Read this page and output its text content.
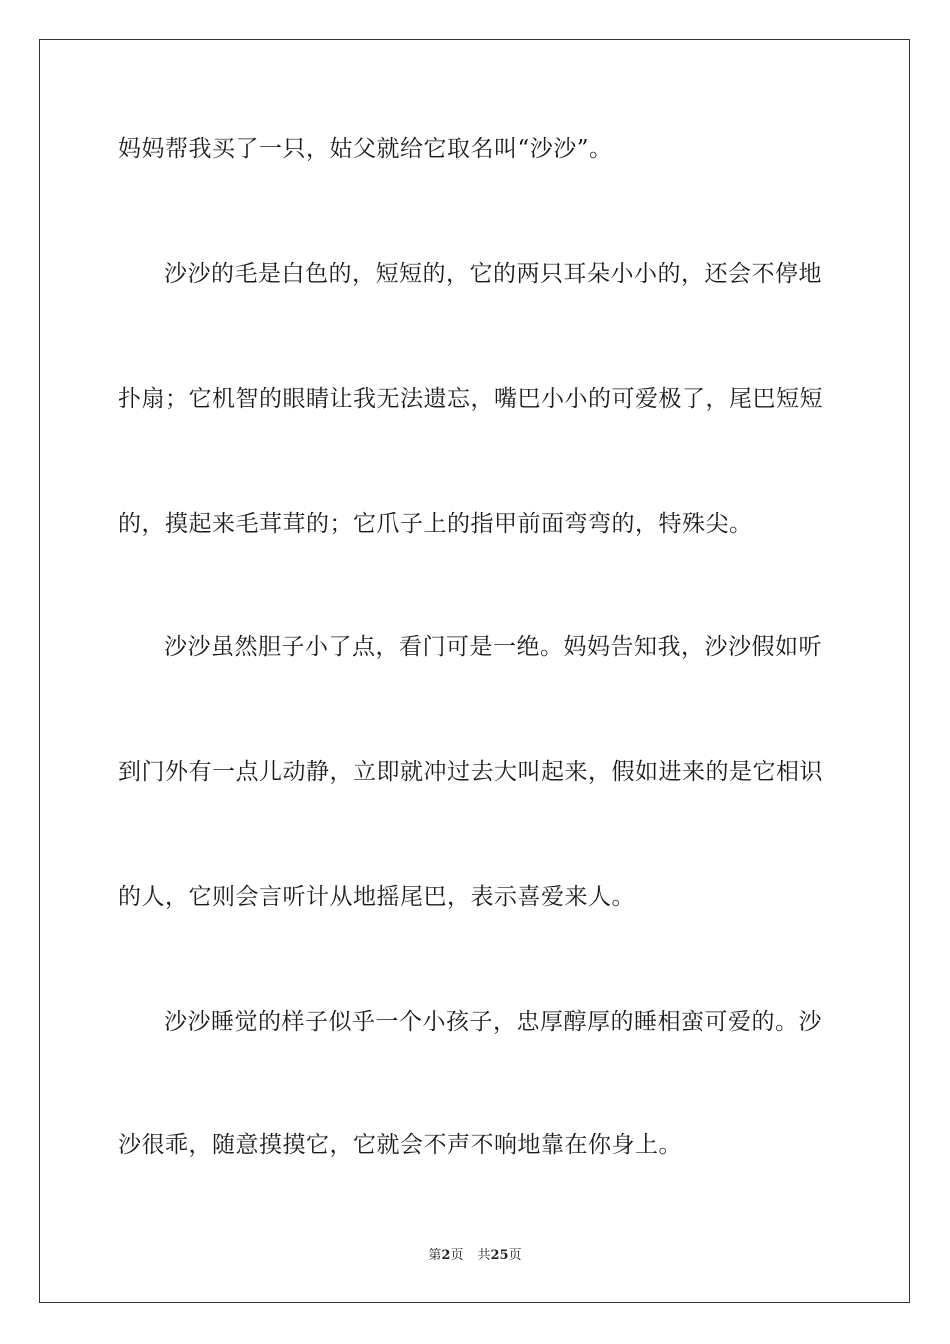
妈妈帮我买了一只，姑父就给它取名叫“沙沙”。
沙沙的毛是白色的，短短的，它的两只耳朵小小的，还会不停地
扑扇；它机智的眼睛让我无法遗忘，嘴巴小小的可爱极了，尾巴短短
的，摸起来毛茸茸的；它爪子上的指甲前面弯弯的，特殊尖。
沙沙虽然胆子小了点，看门可是一绝。妈妈告知我，沙沙假如听
到门外有一点儿动静，立即就冲过去大叫起来，假如进来的是它相识
的人，它则会言听计从地摇尾巴，表示喜爱来人。
沙沙睡觉的样子似乎一个小孩子，忠厚醇厚的睡相蛮可爱的。沙
沙很乖，随意摸摸它，它就会不声不响地靠在你身上。
第2页 共25页
